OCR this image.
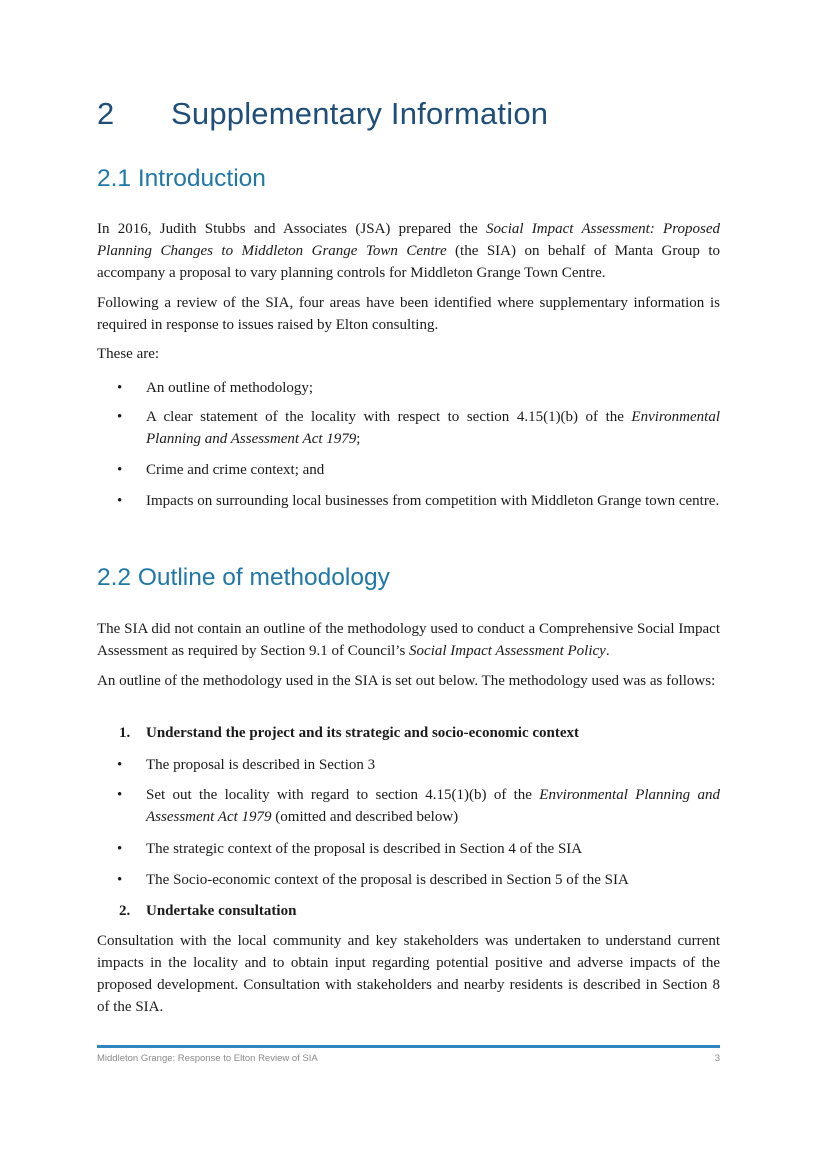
2 Supplementary Information
2.1 Introduction

In 2016, Judith Stubbs and Associates (JSA) prepared the Social Impact Assessment: Proposed Planning Changes to Middleton Grange Town Centre (the SIA) on behalf of Manta Group to accompany a proposal to vary planning controls for Middleton Grange Town Centre.

Following a review of the SIA, four areas have been identified where supplementary information is required in response to issues raised by Elton consulting.

These are:

• An outline of methodology;
• A clear statement of the locality with respect to section 4.15(1)(b) of the Environmental Planning and Assessment Act 1979;
• Crime and crime context; and
• Impacts on surrounding local businesses from competition with Middleton Grange town centre.
2.2 Outline of methodology

The SIA did not contain an outline of the methodology used to conduct a Comprehensive Social Impact Assessment as required by Section 9.1 of Council’s Social Impact Assessment Policy.

An outline of the methodology used in the SIA is set out below. The methodology used was as follows:

1. Understand the project and its strategic and socio-economic context
• The proposal is described in Section 3
• Set out the locality with regard to section 4.15(1)(b) of the Environmental Planning and Assessment Act 1979 (omitted and described below)
• The strategic context of the proposal is described in Section 4 of the SIA
• The Socio-economic context of the proposal is described in Section 5 of the SIA
2. Undertake consultation

Consultation with the local community and key stakeholders was undertaken to understand current impacts in the locality and to obtain input regarding potential positive and adverse impacts of the proposed development. Consultation with stakeholders and nearby residents is described in Section 8 of the SIA.

Middleton Grange: Response to Elton Review of SIA	3
